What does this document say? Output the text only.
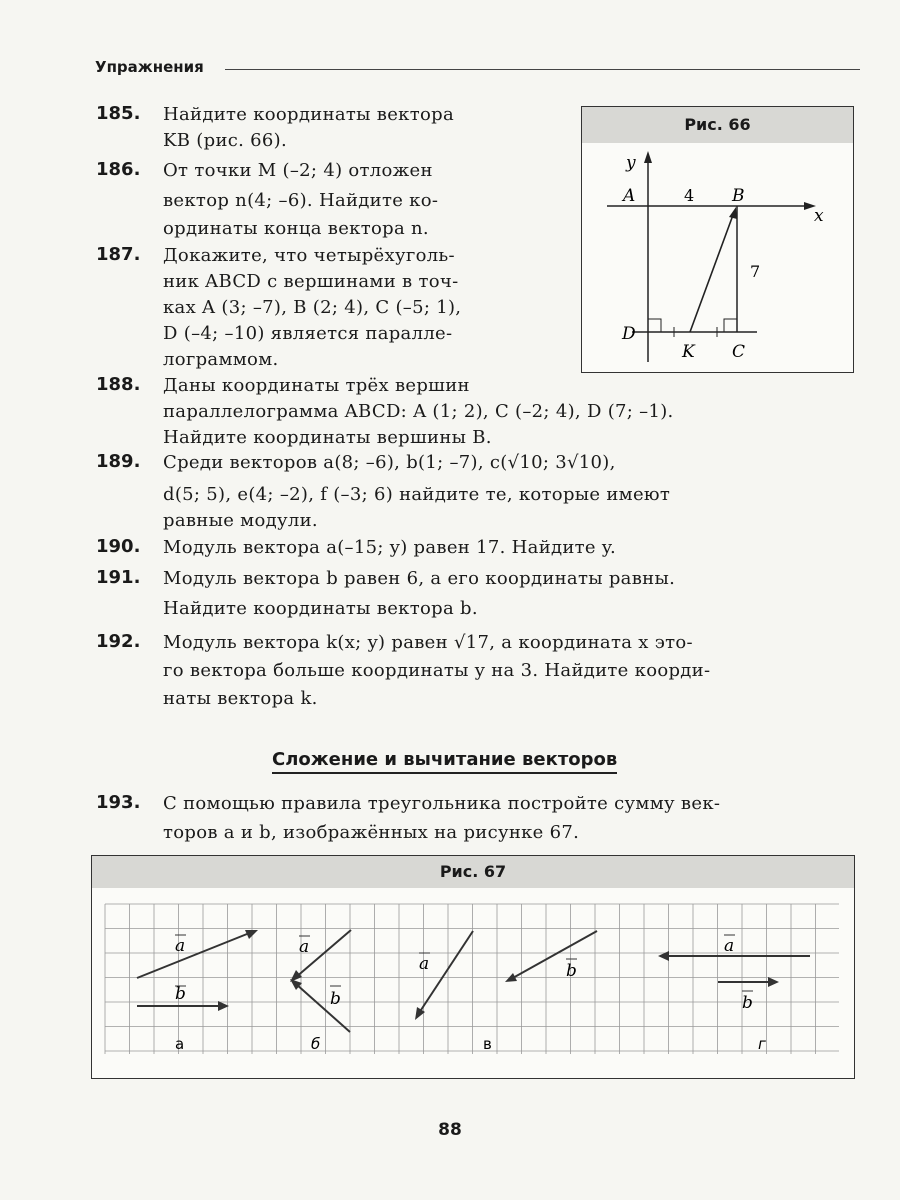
Упражнения
185. Найдите координаты вектора
KB (рис. 66).
186. От точки M (–2; 4) отложен
вектор n(4; –6). Найдите ко-
ординаты конца вектора n.
187. Докажите, что четырёхуголь-
ник ABCD с вершинами в точ-
ках A (3; –7), B (2; 4), C (–5; 1),
D (–4; –10) является паралле-
лограммом.
188. Даны координаты трёх вершин
параллелограмма ABCD: A (1; 2), C (–2; 4), D (7; –1).
Найдите координаты вершины B.
189. Среди векторов a(8; –6), b(1; –7), c(√10; 3√10),
d(5; 5), e(4; –2), f (–3; 6) найдите те, которые имеют
равные модули.
190. Модуль вектора a(–15; y) равен 17. Найдите y.
191. Модуль вектора b равен 6, а его координаты равны.
Найдите координаты вектора b.
192. Модуль вектора k(x; y) равен √17, а координата x это-
го вектора больше координаты y на 3. Найдите коорди-
наты вектора k.
Сложение и вычитание векторов
193. С помощью правила треугольника постройте сумму век-
торов a и b, изображённых на рисунке 67.
Рис. 66
y
x
A	B
4
7
D
K C
Рис. 67
a
b
a
b
a	b
a
b
а	б	в	г
88
